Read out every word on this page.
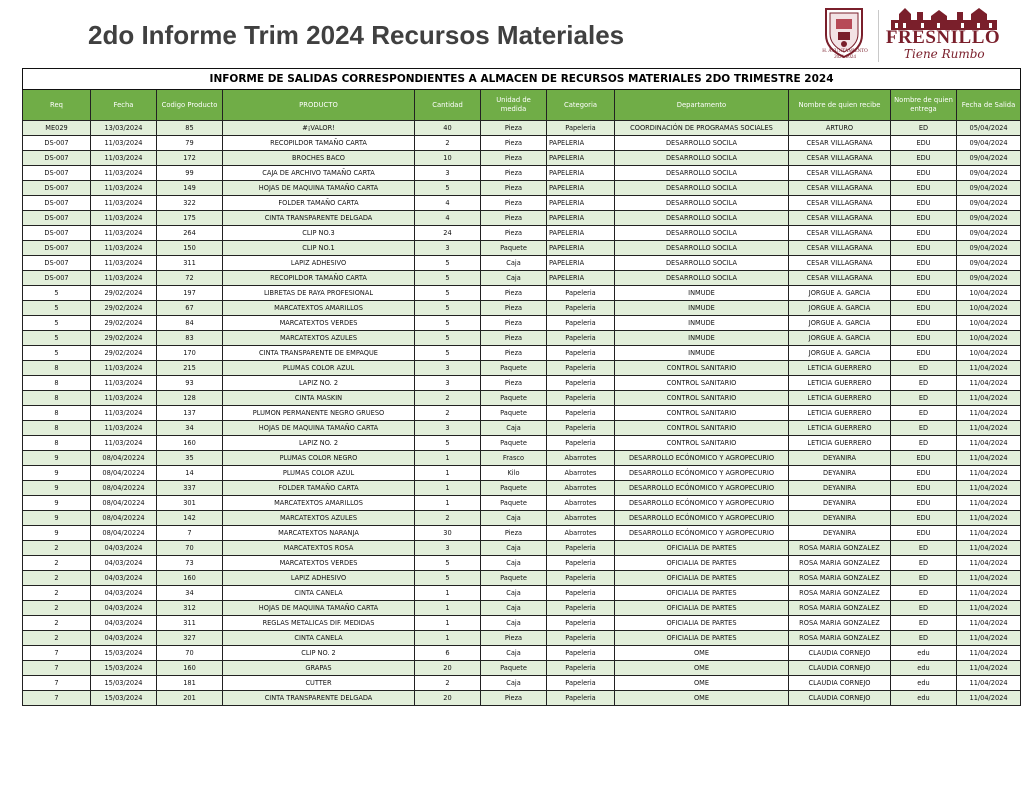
2do Informe Trim 2024 Recursos Materiales
H. AYUNTAMIENTO
2021-2024
FRESNILLO
Tiene Rumbo
INFORME DE SALIDAS CORRESPONDIENTES A ALMACEN DE RECURSOS MATERIALES 2DO TRIMESTRE 2024										
Req	Fecha	Codigo Producto	PRODUCTO	Cantidad	Unidad de medida	Categoria	Departamento	Nombre de quien recibe	Nombre de quien entrega	Fecha de Salida
ME029	13/03/2024	85	#¡VALOR!	40	Pieza	Papeleria	COORDINACIÓN DE PROGRAMAS SOCIALES	ARTURO	ED	05/04/2024
DS-007	11/03/2024	79	RECOPILDOR TAMAÑO CARTA	2	Pieza	PAPELERIA	DESARROLLO SOCILA	CESAR VILLAGRANA	EDU	09/04/2024
DS-007	11/03/2024	172	BROCHES BACO	10	Pieza	PAPELERIA	DESARROLLO SOCILA	CESAR VILLAGRANA	EDU	09/04/2024
DS-007	11/03/2024	99	CAJA DE ARCHIVO TAMAÑO CARTA	3	Pieza	PAPELERIA	DESARROLLO SOCILA	CESAR VILLAGRANA	EDU	09/04/2024
DS-007	11/03/2024	149	HOJAS DE MAQUINA TAMAÑO CARTA	5	Pieza	PAPELERIA	DESARROLLO SOCILA	CESAR VILLAGRANA	EDU	09/04/2024
DS-007	11/03/2024	322	FOLDER TAMAÑO CARTA	4	Pieza	PAPELERIA	DESARROLLO SOCILA	CESAR VILLAGRANA	EDU	09/04/2024
DS-007	11/03/2024	175	CINTA TRANSPARENTE DELGADA	4	Pieza	PAPELERIA	DESARROLLO SOCILA	CESAR VILLAGRANA	EDU	09/04/2024
DS-007	11/03/2024	264	CLIP NO.3	24	Pieza	PAPELERIA	DESARROLLO SOCILA	CESAR VILLAGRANA	EDU	09/04/2024
DS-007	11/03/2024	150	CLIP NO.1	3	Paquete	PAPELERIA	DESARROLLO SOCILA	CESAR VILLAGRANA	EDU	09/04/2024
DS-007	11/03/2024	311	LAPIZ ADHESIVO	5	Caja	PAPELERIA	DESARROLLO SOCILA	CESAR VILLAGRANA	EDU	09/04/2024
DS-007	11/03/2024	72	RECOPILDOR TAMAÑO CARTA	5	Caja	PAPELERIA	DESARROLLO SOCILA	CESAR VILLAGRANA	EDU	09/04/2024
5	29/02/2024	197	LIBRETAS DE RAYA PROFESIONAL	5	Pieza	Papeleria	INMUDE	JORGUE A. GARCIA	EDU	10/04/2024
5	29/02/2024	67	MARCATEXTOS AMARILLOS	5	Pieza	Papeleria	INMUDE	JORGUE A. GARCIA	EDU	10/04/2024
5	29/02/2024	84	MARCATEXTOS VERDES	5	Pieza	Papeleria	INMUDE	JORGUE A. GARCIA	EDU	10/04/2024
5	29/02/2024	83	MARCATEXTOS AZULES	5	Pieza	Papeleria	INMUDE	JORGUE A. GARCIA	EDU	10/04/2024
5	29/02/2024	170	CINTA TRANSPARENTE DE EMPAQUE	5	Pieza	Papeleria	INMUDE	JORGUE A. GARCIA	EDU	10/04/2024
8	11/03/2024	215	PLUMAS COLOR AZUL	3	Paquete	Papeleria	CONTROL SANITARIO	LETICIA GUERRERO	ED	11/04/2024
8	11/03/2024	93	LAPIZ NO. 2	3	Pieza	Papeleria	CONTROL SANITARIO	LETICIA GUERRERO	ED	11/04/2024
8	11/03/2024	128	CINTA MASKIN	2	Paquete	Papeleria	CONTROL SANITARIO	LETICIA GUERRERO	ED	11/04/2024
8	11/03/2024	137	PLUMON PERMANENTE NEGRO GRUESO	2	Paquete	Papeleria	CONTROL SANITARIO	LETICIA GUERRERO	ED	11/04/2024
8	11/03/2024	34	HOJAS DE MAQUINA TAMAÑO CARTA	3	Caja	Papeleria	CONTROL SANITARIO	LETICIA GUERRERO	ED	11/04/2024
8	11/03/2024	160	LAPIZ NO. 2	5	Paquete	Papeleria	CONTROL SANITARIO	LETICIA GUERRERO	ED	11/04/2024
9	08/04/20224	35	PLUMAS COLOR NEGRO	1	Frasco	Abarrotes	DESARROLLO ECÓNOMICO Y AGROPECURIO	DEYANIRA	EDU	11/04/2024
9	08/04/20224	14	PLUMAS COLOR AZUL	1	Kilo	Abarrotes	DESARROLLO ECÓNOMICO Y AGROPECURIO	DEYANIRA	EDU	11/04/2024
9	08/04/20224	337	FOLDER TAMAÑO CARTA	1	Paquete	Abarrotes	DESARROLLO ECÓNOMICO Y AGROPECURIO	DEYANIRA	EDU	11/04/2024
9	08/04/20224	301	MARCATEXTOS AMARILLOS	1	Paquete	Abarrotes	DESARROLLO ECÓNOMICO Y AGROPECURIO	DEYANIRA	EDU	11/04/2024
9	08/04/20224	142	MARCATEXTOS AZULES	2	Caja	Abarrotes	DESARROLLO ECÓNOMICO Y AGROPECURIO	DEYANIRA	EDU	11/04/2024
9	08/04/20224	7	MARCATEXTOS NARANJA	30	Pieza	Abarrotes	DESARROLLO ECÓNOMICO Y AGROPECURIO	DEYANIRA	EDU	11/04/2024
2	04/03/2024	70	MARCATEXTOS ROSA	3	Caja	Papeleria	OFICIALIA DE PARTES	ROSA MARIA GONZALEZ	ED	11/04/2024
2	04/03/2024	73	MARCATEXTOS VERDES	5	Caja	Papeleria	OFICIALIA DE PARTES	ROSA MARIA GONZALEZ	ED	11/04/2024
2	04/03/2024	160	LAPIZ ADHESIVO	5	Paquete	Papeleria	OFICIALIA DE PARTES	ROSA MARIA GONZALEZ	ED	11/04/2024
2	04/03/2024	34	CINTA CANELA	1	Caja	Papeleria	OFICIALIA DE PARTES	ROSA MARIA GONZALEZ	ED	11/04/2024
2	04/03/2024	312	HOJAS DE MAQUINA TAMAÑO CARTA	1	Caja	Papeleria	OFICIALIA DE PARTES	ROSA MARIA GONZALEZ	ED	11/04/2024
2	04/03/2024	311	REGLAS METALICAS DIF. MEDIDAS	1	Caja	Papeleria	OFICIALIA DE PARTES	ROSA MARIA GONZALEZ	ED	11/04/2024
2	04/03/2024	327	CINTA CANELA	1	Pieza	Papeleria	OFICIALIA DE PARTES	ROSA MARIA GONZALEZ	ED	11/04/2024
7	15/03/2024	70	CLIP NO. 2	6	Caja	Papeleria	OME	CLAUDIA CORNEJO	edu	11/04/2024
7	15/03/2024	160	GRAPAS	20	Paquete	Papeleria	OME	CLAUDIA CORNEJO	edu	11/04/2024
7	15/03/2024	181	CUTTER	2	Caja	Papeleria	OME	CLAUDIA CORNEJO	edu	11/04/2024
7	15/03/2024	201	CINTA TRANSPARENTE DELGADA	20	Pieza	Papeleria	OME	CLAUDIA CORNEJO	edu	11/04/2024
